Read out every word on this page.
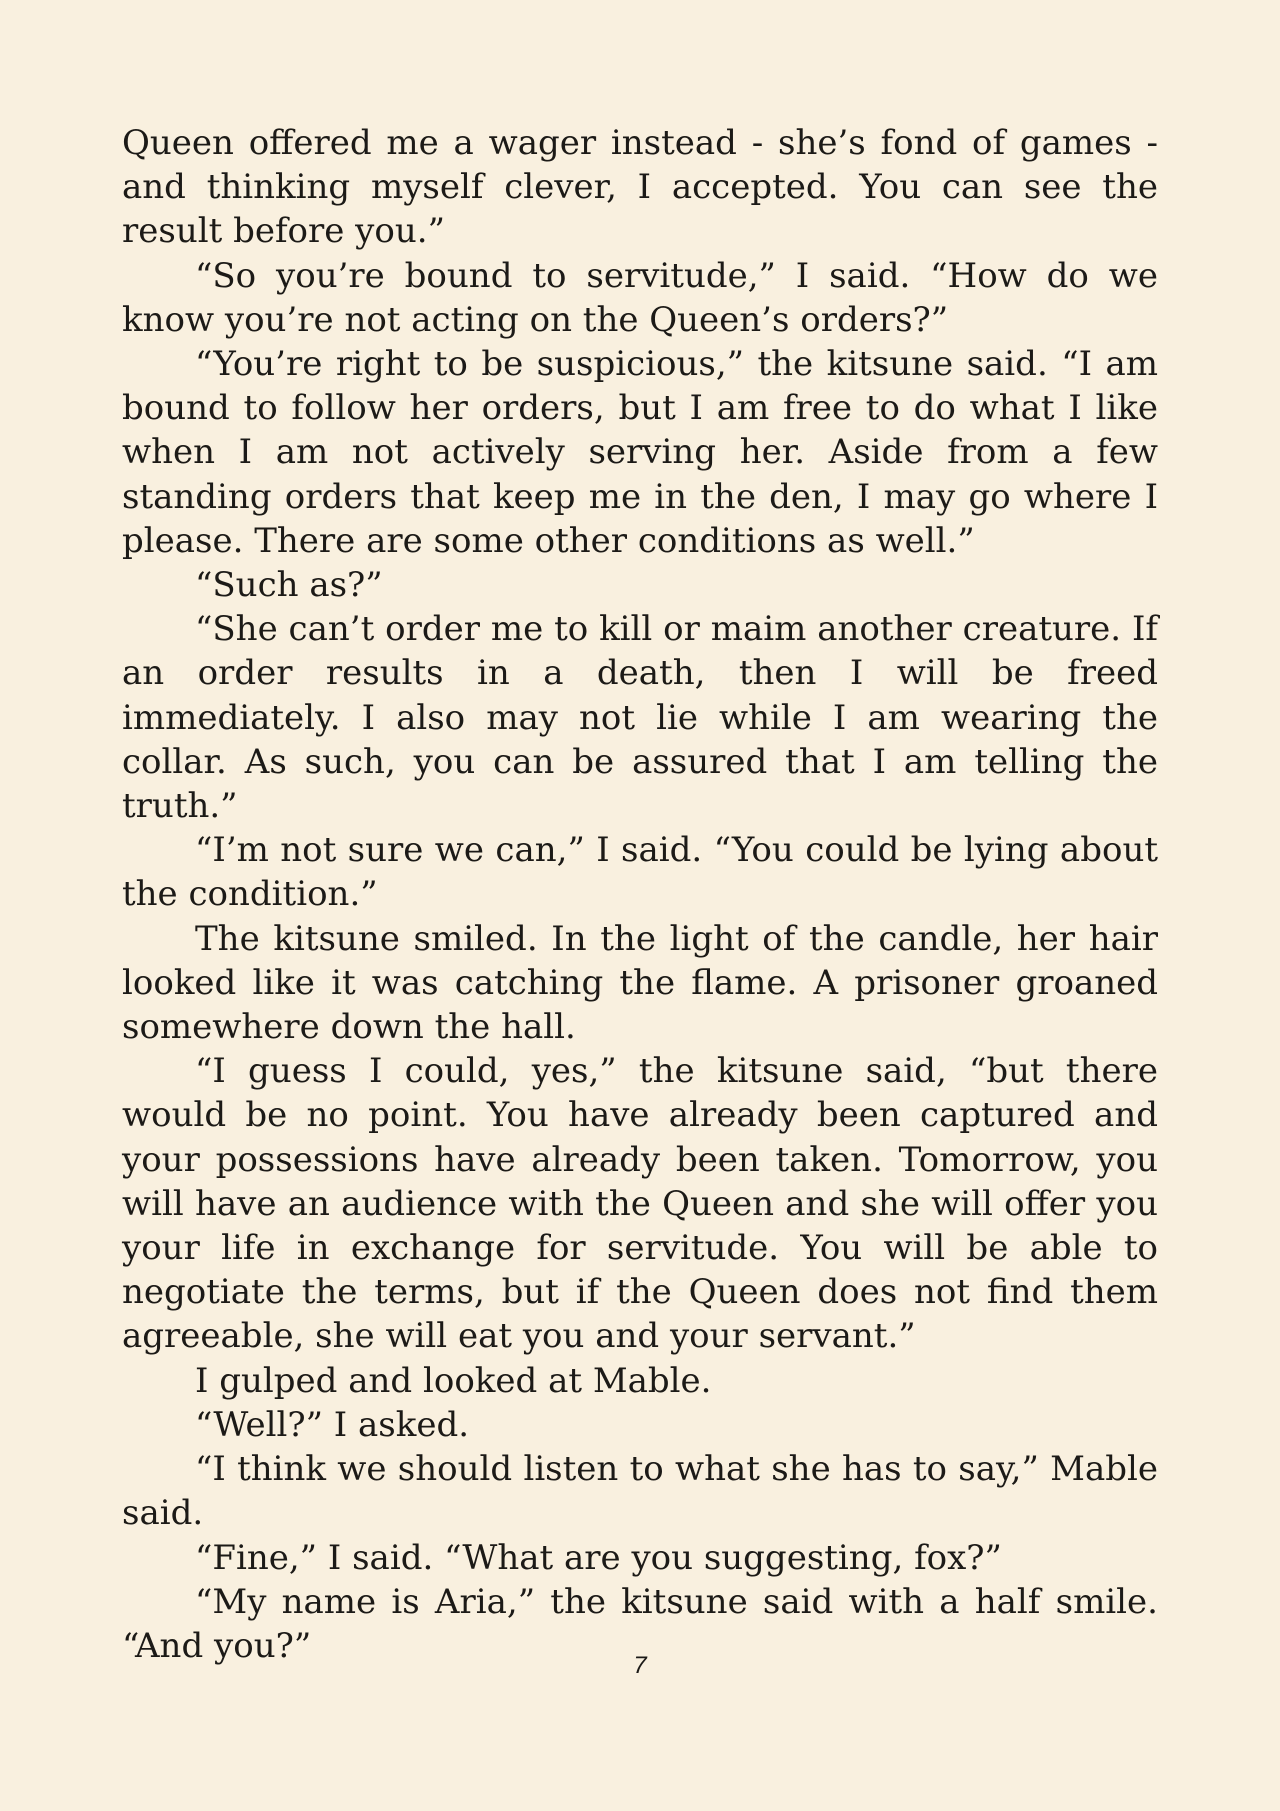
Queen offered me a wager instead - she’s fond of games - and thinking myself clever, I accepted. You can see the result before you.”

“So you’re bound to servitude,” I said. “How do we know you’re not acting on the Queen’s orders?”

“You’re right to be suspicious,” the kitsune said. “I am bound to follow her orders, but I am free to do what I like when I am not actively serving her. Aside from a few standing orders that keep me in the den, I may go where I please. There are some other conditions as well.”

“Such as?”

“She can’t order me to kill or maim another creature. If an order results in a death, then I will be freed immediately. I also may not lie while I am wearing the collar. As such, you can be assured that I am telling the truth.”

“I’m not sure we can,” I said. “You could be lying about the condition.”

The kitsune smiled. In the light of the candle, her hair looked like it was catching the flame. A prisoner groaned somewhere down the hall.

“I guess I could, yes,” the kitsune said, “but there would be no point. You have already been captured and your possessions have already been taken. Tomorrow, you will have an audience with the Queen and she will offer you your life in exchange for servitude. You will be able to negotiate the terms, but if the Queen does not find them agreeable, she will eat you and your servant.”

I gulped and looked at Mable.

“Well?” I asked.

“I think we should listen to what she has to say,” Mable said.

“Fine,” I said. “What are you suggesting, fox?”

“My name is Aria,” the kitsune said with a half smile. “And you?”	7
